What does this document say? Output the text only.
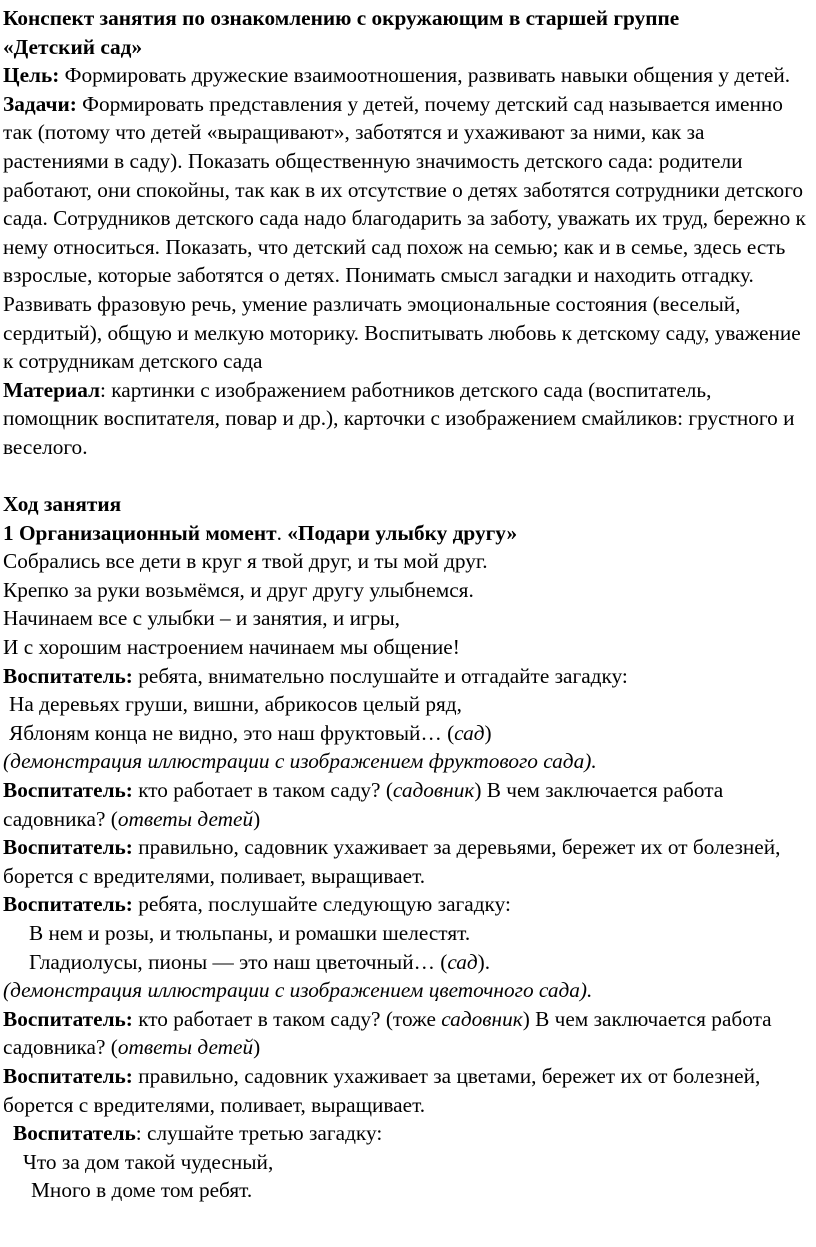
Конспект занятия по ознакомлению с окружающим в старшей группе

«Детский сад»

Цель: Формировать дружеские взаимоотношения, развивать навыки общения у детей.

Задачи: Формировать представления у детей, почему детский сад называется именно так (потому что детей «выращивают», заботятся и ухаживают за ними, как за растениями в саду). Показать общественную значимость детского сада: родители работают, они спокойны, так как в их отсутствие о детях заботятся сотрудники детского сада. Сотрудников детского сада надо благодарить за заботу, уважать их труд, бережно к нему относиться. Показать, что детский сад похож на семью; как и в семье, здесь есть взрослые, которые заботятся о детях. Понимать смысл загадки и находить отгадку. Развивать фразовую речь, умение различать эмоциональные состояния (веселый, сердитый), общую и мелкую моторику. Воспитывать любовь к детскому саду, уважение к сотрудникам детского сада

Материал: картинки с изображением работников детского сада (воспитатель, помощник воспитателя, повар и др.), карточки с изображением смайликов: грустного и веселого.

Ход занятия

1 Организационный момент. «Подари улыбку другу»

Собрались все дети в круг я твой друг, и ты мой друг.

Крепко за руки возьмёмся, и друг другу улыбнемся.

Начинаем все с улыбки – и занятия, и игры,

И с хорошим настроением начинаем мы общение!

Воспитатель: ребята, внимательно послушайте и отгадайте загадку:

На деревьях груши, вишни, абрикосов целый ряд,

Яблоням конца не видно, это наш фруктовый… (сад)

(демонстрация иллюстрации с изображением фруктового сада).

Воспитатель: кто работает в таком саду? (садовник) В чем заключается работа садовника? (ответы детей)

Воспитатель: правильно, садовник ухаживает за деревьями, бережет их от болезней, борется с вредителями, поливает, выращивает.

Воспитатель: ребята, послушайте следующую загадку:

В нем и розы, и тюльпаны, и ромашки шелестят.

Гладиолусы, пионы — это наш цветочный… (сад).

(демонстрация иллюстрации с изображением цветочного сада).

Воспитатель: кто работает в таком саду? (тоже садовник) В чем заключается работа садовника? (ответы детей)

Воспитатель: правильно, садовник ухаживает за цветами, бережет их от болезней, борется с вредителями, поливает, выращивает.

Воспитатель: слушайте третью загадку:

Что за дом такой чудесный,

Много в доме том ребят.
